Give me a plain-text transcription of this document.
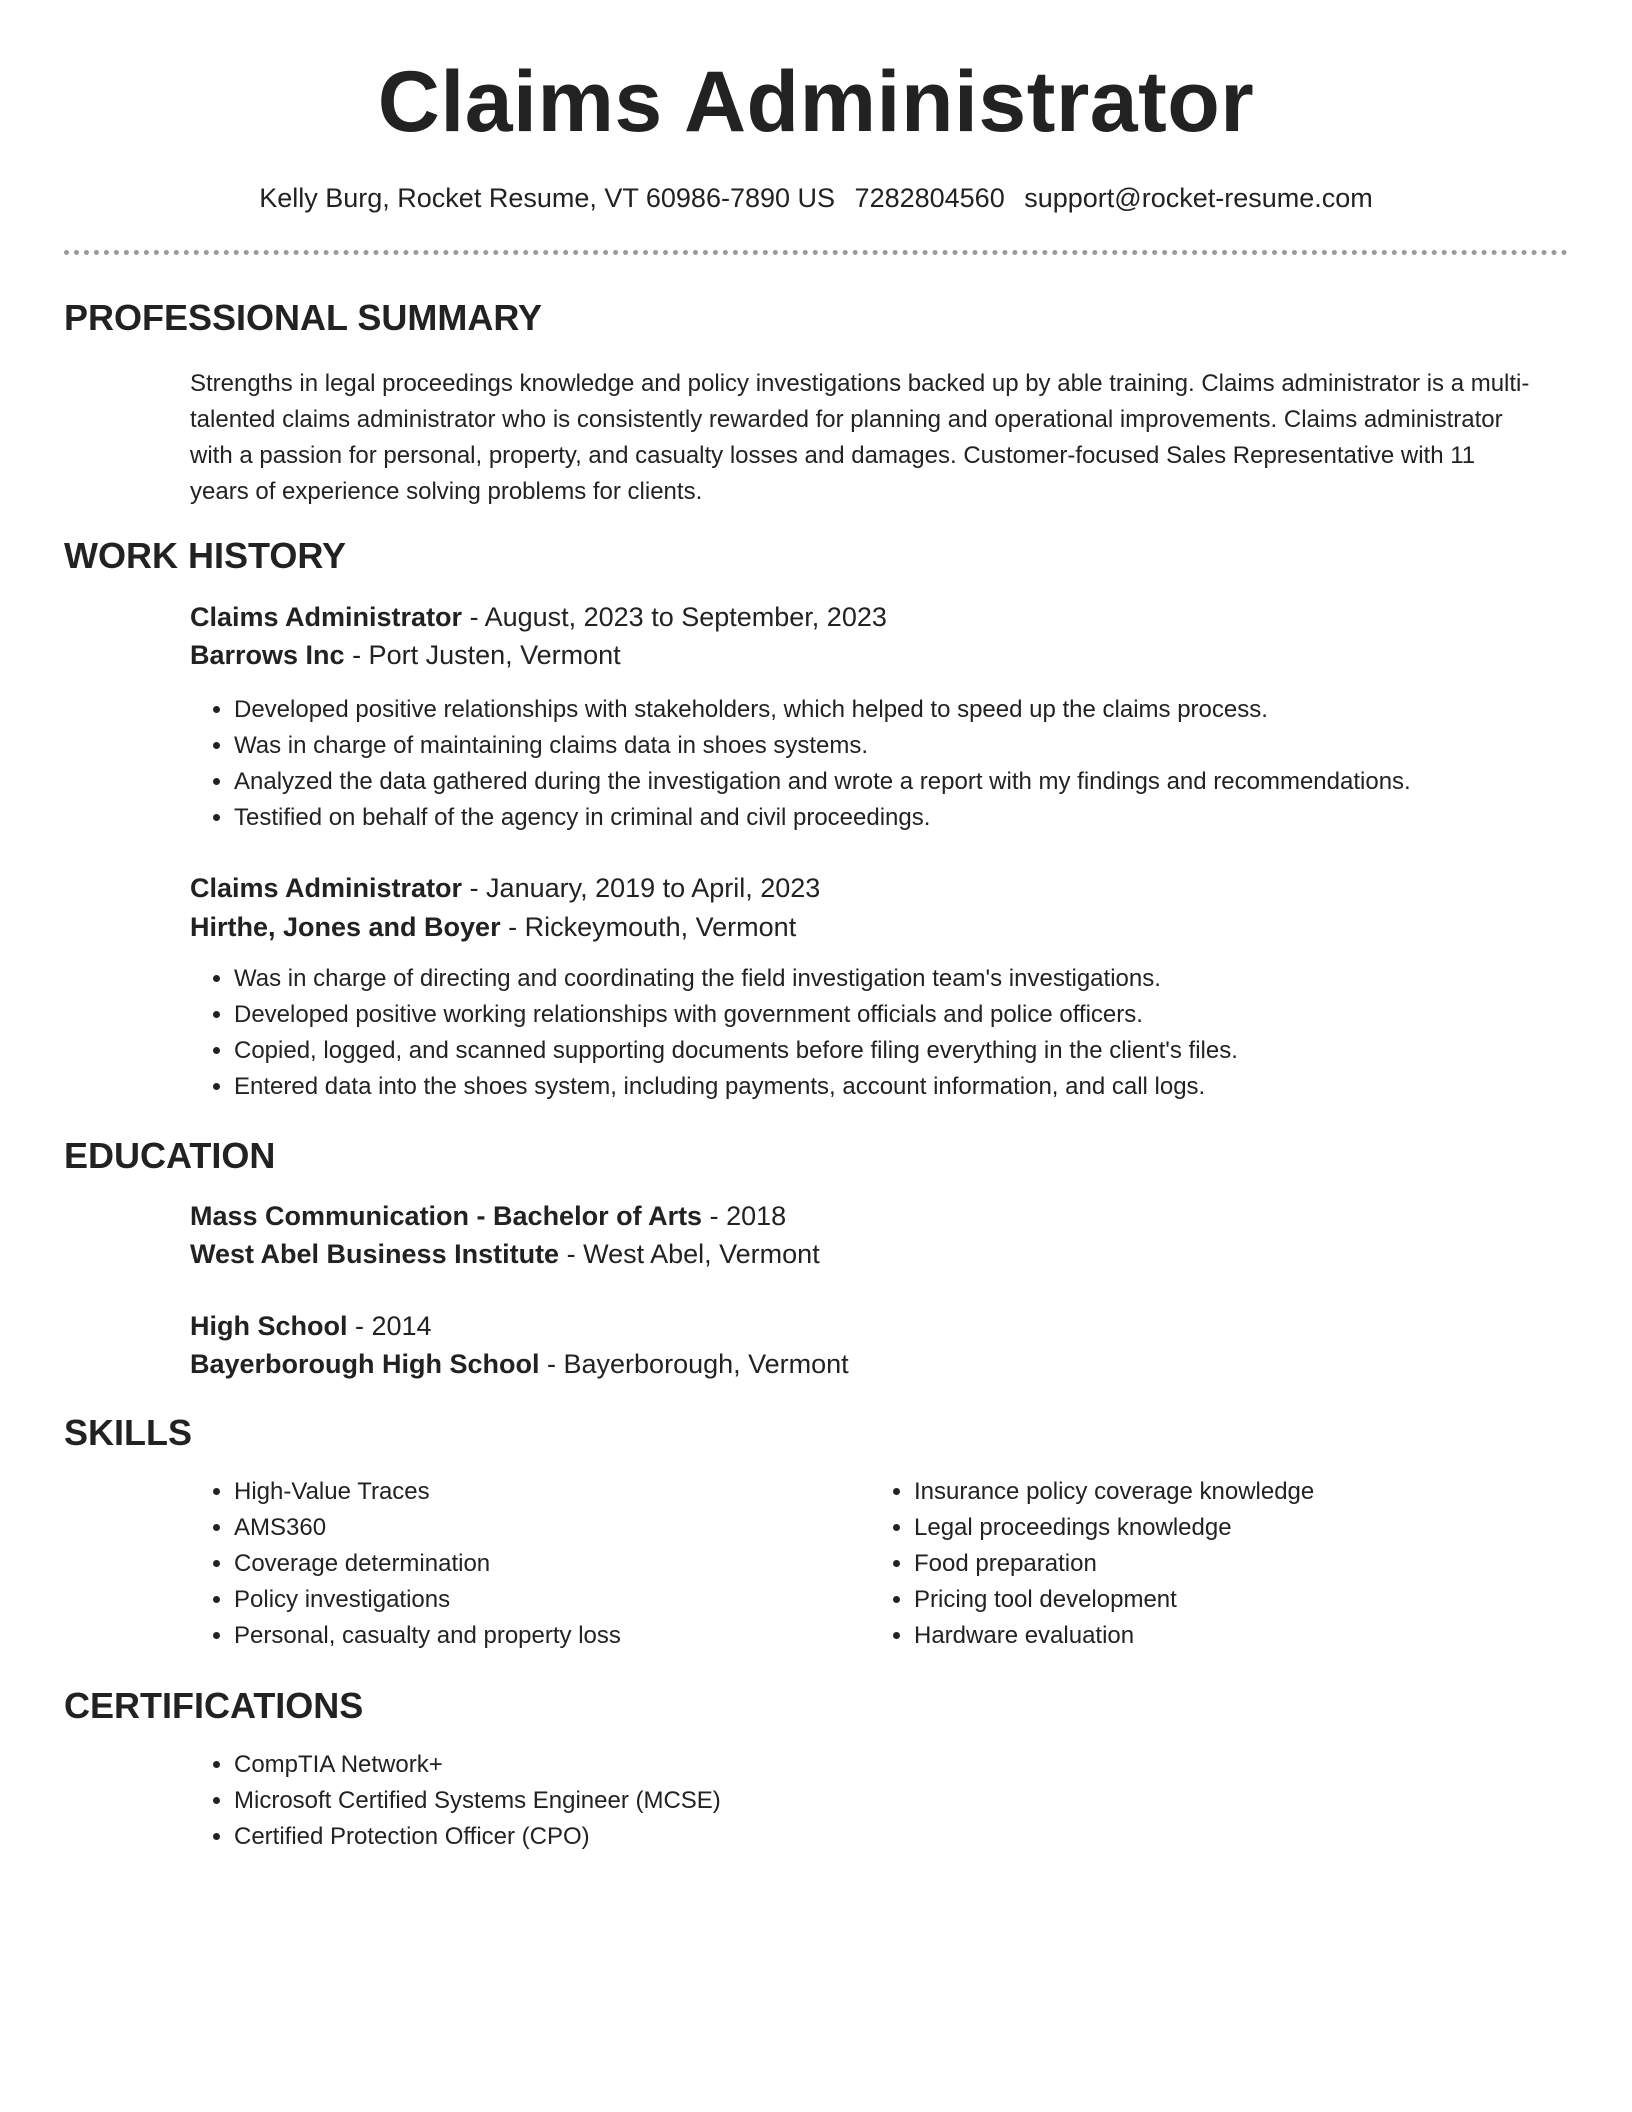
Claims Administrator
Kelly Burg, Rocket Resume, VT 60986-7890 US 7282804560 support@rocket-resume.com
PROFESSIONAL SUMMARY

Strengths in legal proceedings knowledge and policy investigations backed up by able training. Claims administrator is a multi-talented claims administrator who is consistently rewarded for planning and operational improvements. Claims administrator with a passion for personal, property, and casualty losses and damages. Customer-focused Sales Representative with 11 years of experience solving problems for clients.

WORK HISTORY
Claims Administrator - August, 2023 to September, 2023
Barrows Inc - Port Justen, Vermont
• Developed positive relationships with stakeholders, which helped to speed up the claims process.
• Was in charge of maintaining claims data in shoes systems.
• Analyzed the data gathered during the investigation and wrote a report with my findings and recommendations.
• Testified on behalf of the agency in criminal and civil proceedings.
Claims Administrator - January, 2019 to April, 2023
Hirthe, Jones and Boyer - Rickeymouth, Vermont
• Was in charge of directing and coordinating the field investigation team's investigations.
• Developed positive working relationships with government officials and police officers.
• Copied, logged, and scanned supporting documents before filing everything in the client's files.
• Entered data into the shoes system, including payments, account information, and call logs.
EDUCATION
Mass Communication - Bachelor of Arts - 2018
West Abel Business Institute - West Abel, Vermont
High School - 2014
Bayerborough High School - Bayerborough, Vermont
SKILLS
• High-Value Traces
• AMS360
• Coverage determination
• Policy investigations
• Personal, casualty and property loss
• Insurance policy coverage knowledge
• Legal proceedings knowledge
• Food preparation
• Pricing tool development
• Hardware evaluation
CERTIFICATIONS
• CompTIA Network+
• Microsoft Certified Systems Engineer (MCSE)
• Certified Protection Officer (CPO)
